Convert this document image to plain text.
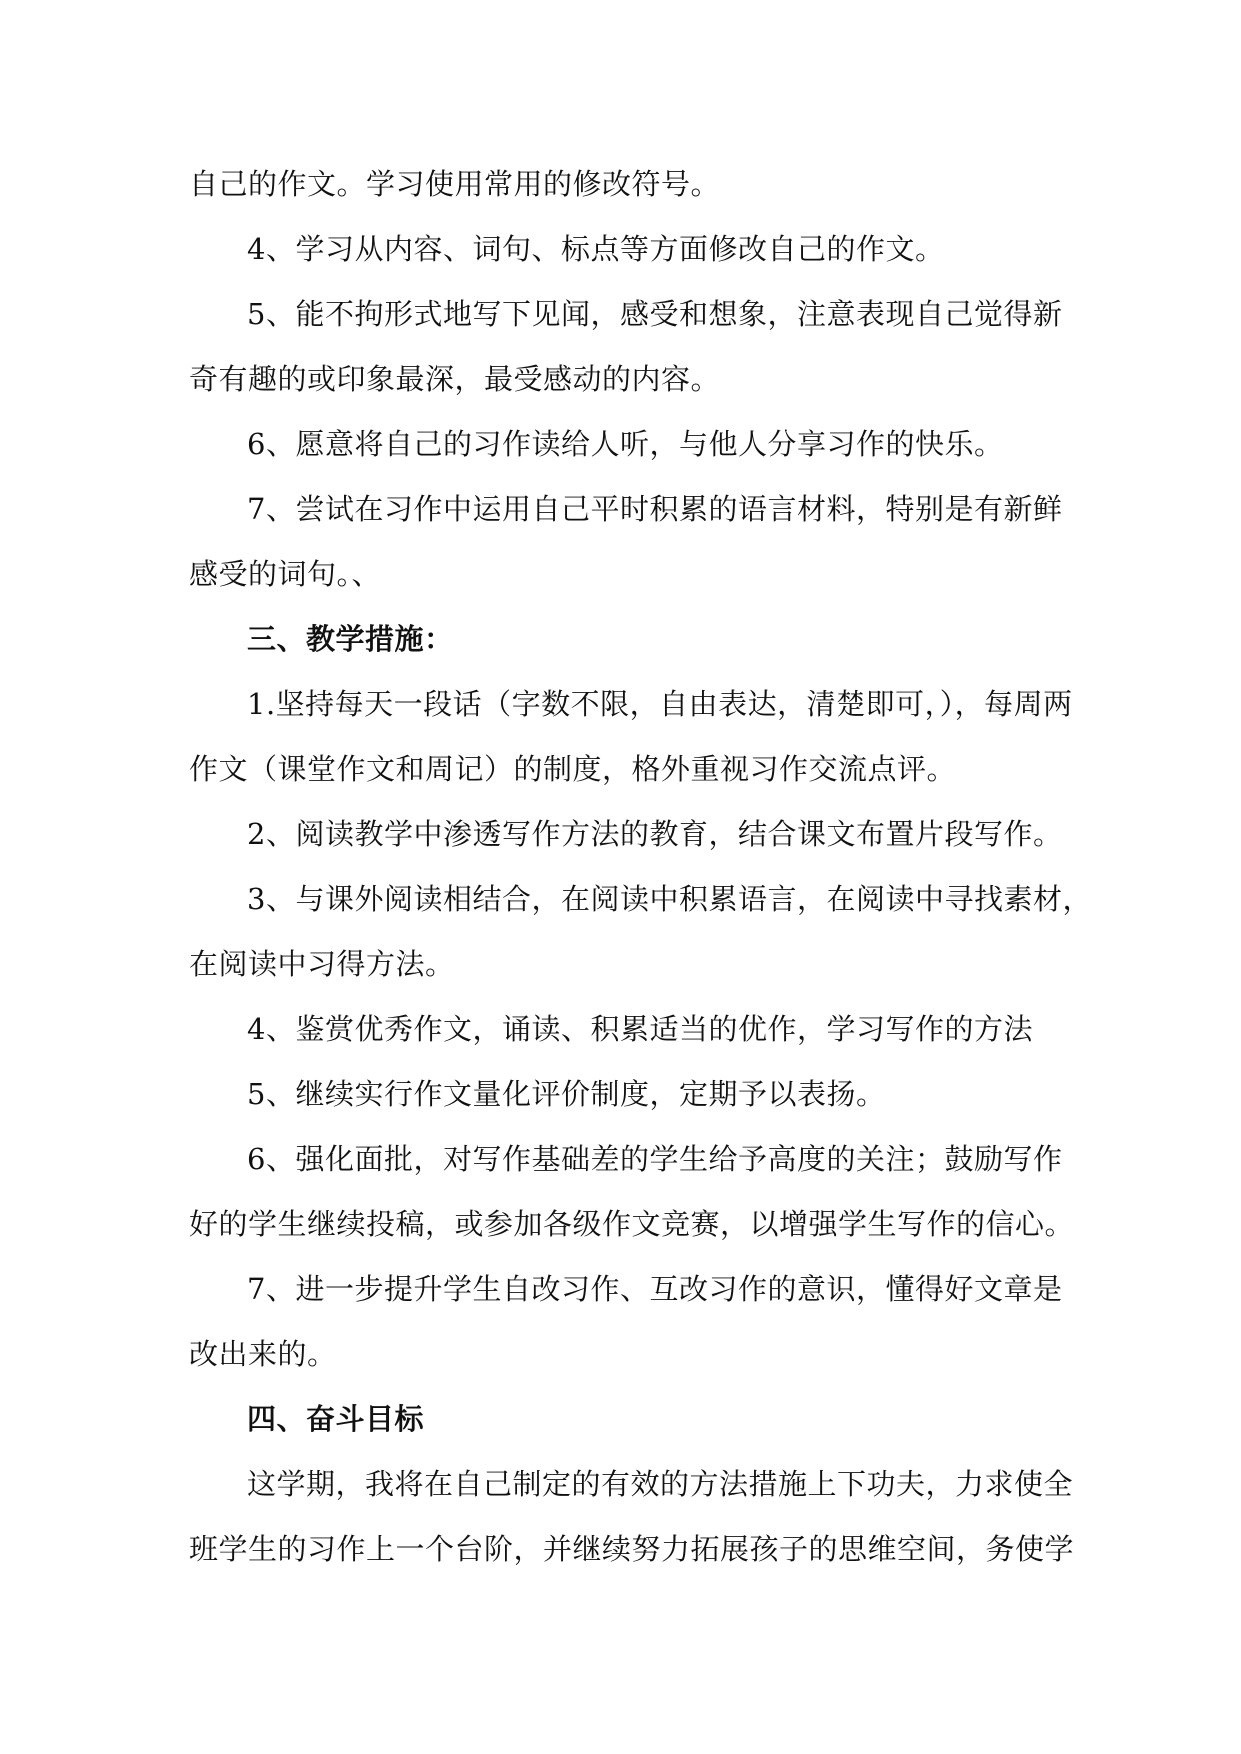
自己的作文。学习使用常用的修改符号。
4、学习从内容、词句、标点等方面修改自己的作文。
5、能不拘形式地写下见闻，感受和想象，注意表现自己觉得新
奇有趣的或印象最深，最受感动的内容。
6、愿意将自己的习作读给人听，与他人分享习作的快乐。
7、尝试在习作中运用自己平时积累的语言材料，特别是有新鲜
感受的词句。、
三、教学措施：
1.坚持每天一段话（字数不限，自由表达，清楚即可，），每周两
作文（课堂作文和周记）的制度，格外重视习作交流点评。
2、阅读教学中渗透写作方法的教育，结合课文布置片段写作。
3、与课外阅读相结合，在阅读中积累语言，在阅读中寻找素材，
在阅读中习得方法。
4、鉴赏优秀作文，诵读、积累适当的优作，学习写作的方法
5、继续实行作文量化评价制度，定期予以表扬。
6、强化面批，对写作基础差的学生给予高度的关注；鼓励写作
好的学生继续投稿，或参加各级作文竞赛，以增强学生写作的信心。
7、进一步提升学生自改习作、互改习作的意识，懂得好文章是
改出来的。
四、奋斗目标
这学期，我将在自己制定的有效的方法措施上下功夫，力求使全
班学生的习作上一个台阶，并继续努力拓展孩子的思维空间，务使学
